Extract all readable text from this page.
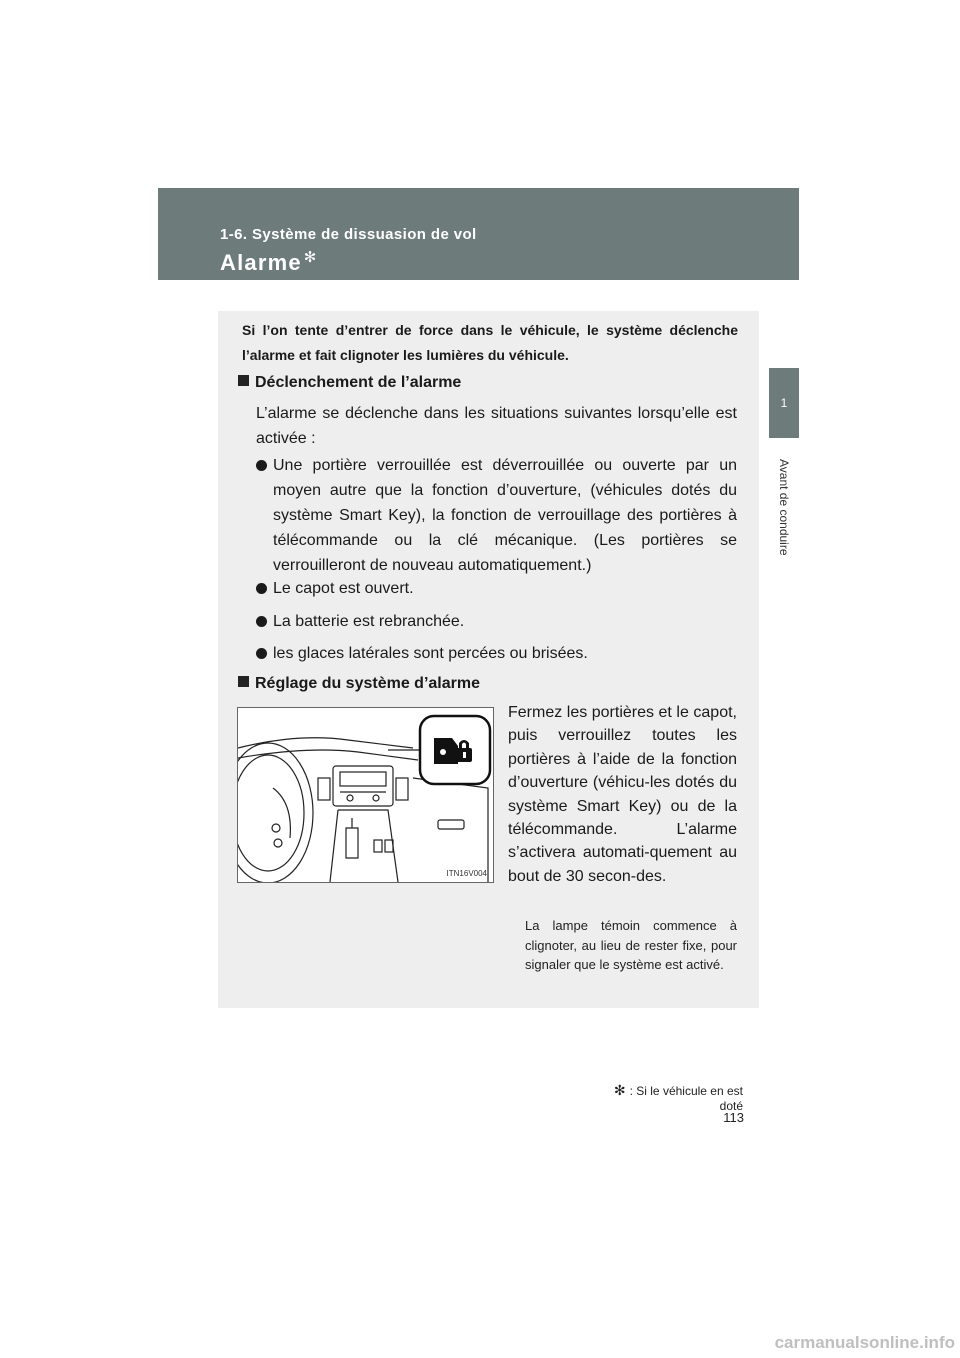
1-6. Système de dissuasion de vol
Alarme ✻
1
Avant de conduire
Si l’on tente d’entrer de force dans le véhicule, le système déclenche l’alarme et fait clignoter les lumières du véhicule.
Déclenchement de l’alarme
L’alarme se déclenche dans les situations suivantes lorsqu’elle est activée :
Une portière verrouillée est déverrouillée ou ouverte par un moyen autre que la fonction d’ouverture, (véhicules dotés du système Smart Key), la fonction de verrouillage des portières à télécommande ou la clé mécanique. (Les portières se verrouilleront de nouveau automatiquement.)
Le capot est ouvert.
La batterie est rebranchée.
les glaces latérales sont percées ou brisées.
Réglage du système d’alarme
ITN16V004
Fermez les portières et le capot, puis verrouillez toutes les portières à l’aide de la fonction d’ouverture (véhicu-les dotés du système Smart Key) ou de la télécommande. L’alarme s’activera automati-quement au bout de 30 secon-des.
La lampe témoin commence à clignoter, au lieu de rester fixe, pour signaler que le système est activé.
✻ : Si le véhicule en est doté
113
carmanualsonline.info
